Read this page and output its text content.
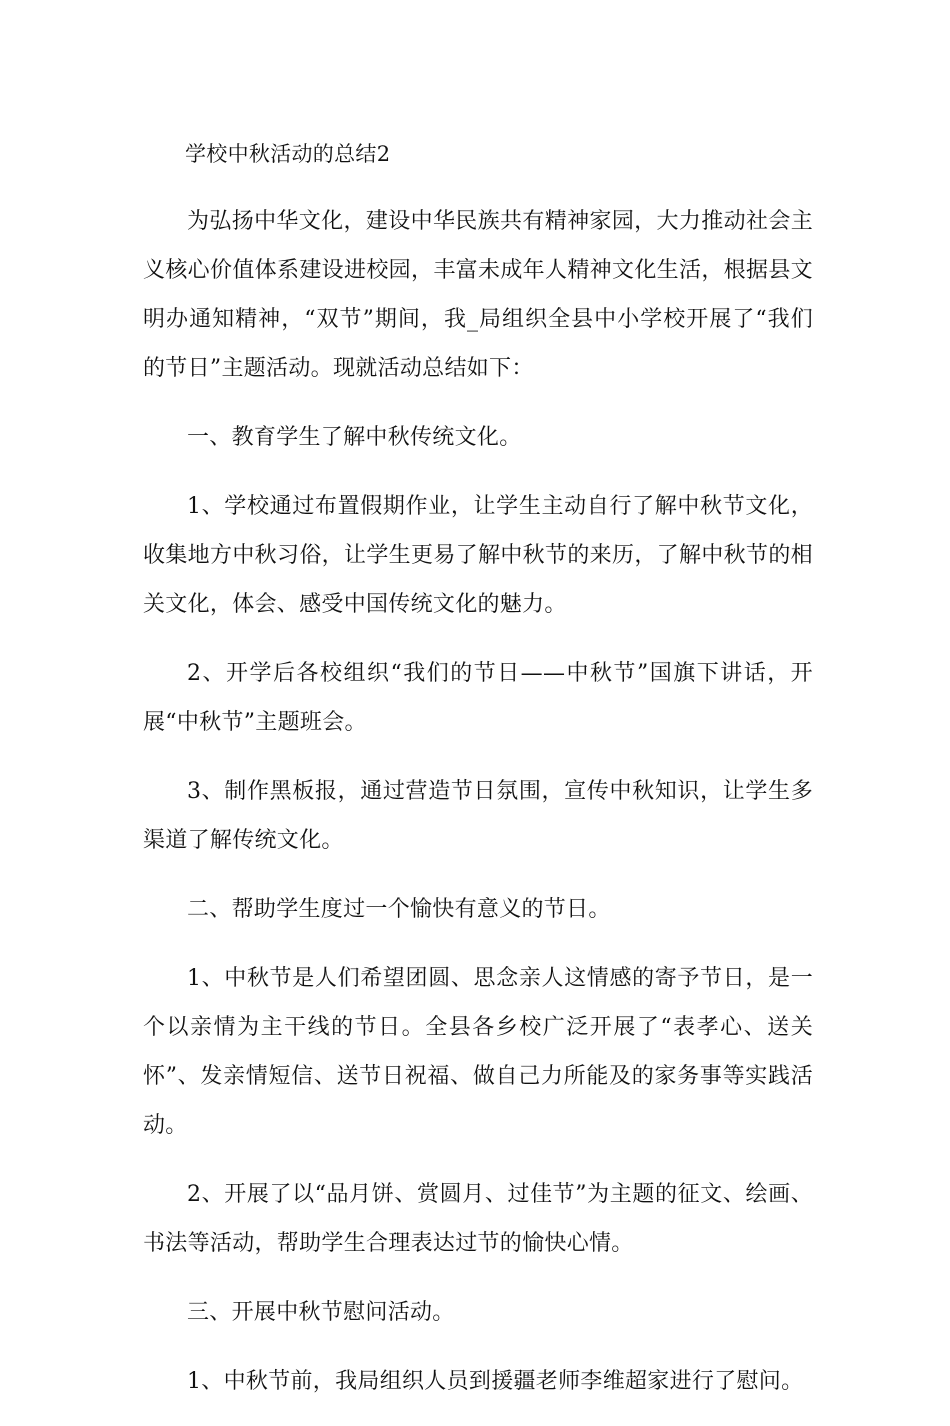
学校中秋活动的总结2

为弘扬中华文化，建设中华民族共有精神家园，大力推动社会主义核心价值体系建设进校园，丰富未成年人精神文化生活，根据县文明办通知精神，“双节”期间，我_局组织全县中小学校开展了“我们的节日”主题活动。现就活动总结如下：

一、教育学生了解中秋传统文化。

1、学校通过布置假期作业，让学生主动自行了解中秋节文化，收集地方中秋习俗，让学生更易了解中秋节的来历，了解中秋节的相关文化，体会、感受中国传统文化的魅力。

2、开学后各校组织“我们的节日——中秋节”国旗下讲话，开展“中秋节”主题班会。

3、制作黑板报，通过营造节日氛围，宣传中秋知识，让学生多渠道了解传统文化。

二、帮助学生度过一个愉快有意义的节日。

1、中秋节是人们希望团圆、思念亲人这情感的寄予节日，是一个以亲情为主干线的节日。全县各乡校广泛开展了“表孝心、送关怀”、发亲情短信、送节日祝福、做自己力所能及的家务事等实践活动。

2、开展了以“品月饼、赏圆月、过佳节”为主题的征文、绘画、书法等活动，帮助学生合理表达过节的愉快心情。

三、开展中秋节慰问活动。

1、中秋节前，我局组织人员到援疆老师李维超家进行了慰问。
